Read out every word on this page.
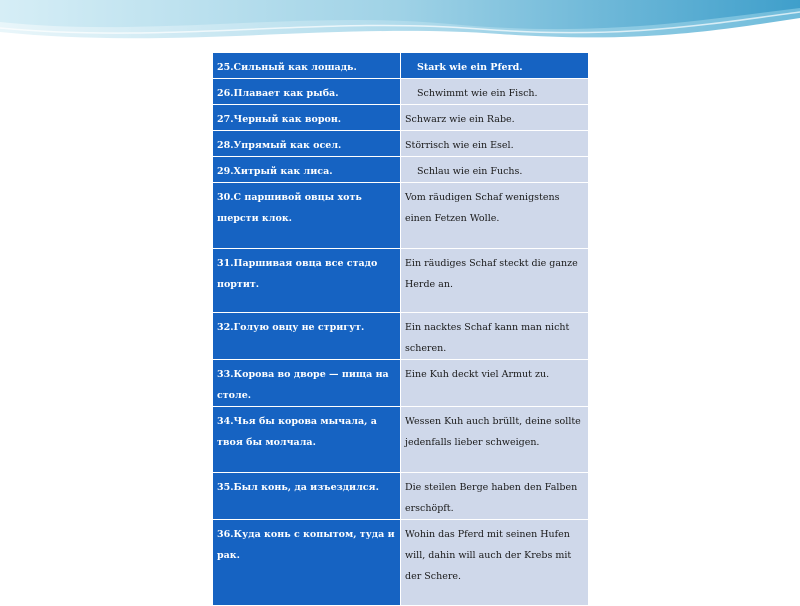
25.Сильный как лошадь.	Stark wie ein Pferd.
26.Плавает как рыба.	Schwimmt wie ein Fisch.
27.Черный как ворон.	Schwarz wie ein Rabe.
28.Упрямый как осел.	Störrisch wie ein Esel.
29.Хитрый как лиса.	Schlau wie ein Fuchs.
30.С паршивой овцы хоть шерсти клок.	Vom räudigen Schaf wenigstens einen Fetzen Wolle.
31.Паршивая овца все стадо портит.	Ein räudiges Schaf steckt die ganze Herde an.
32.Голую овцу не стригут.	Ein nacktes Schaf kann man nicht scheren.
33.Корова во дворе — пища на столе.	Eine Kuh deckt viel Armut zu.
34.Чья бы корова мычала, а твоя бы молчала.	Wessen Kuh auch brüllt, deine sollte jedenfalls lieber schweigen.
35.Был конь, да изъездился.	Die steilen Berge haben den Falben erschöpft.
36.Куда конь с копытом, туда и рак.	Wohin das Pferd mit seinen Hufen will, dahin will auch der Krebs mit der Schere.
